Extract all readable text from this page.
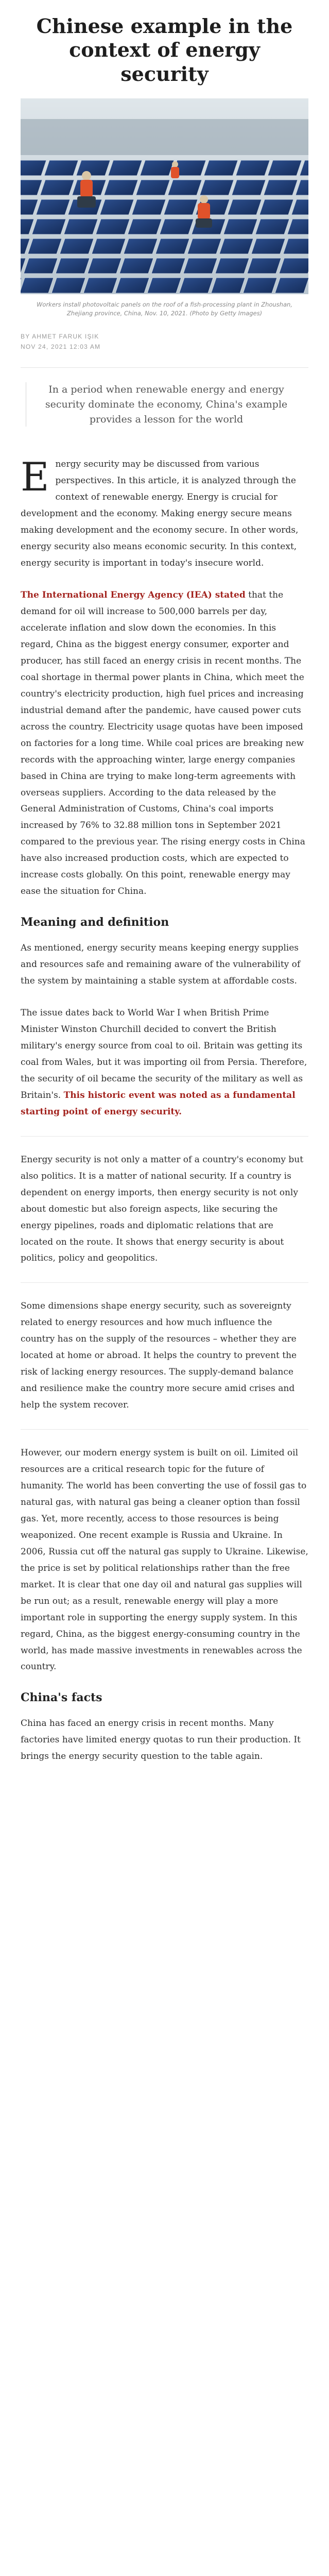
Chinese example in the context of energy security
Workers install photovoltaic panels on the roof of a fish-processing plant in Zhoushan, Zhejiang province, China, Nov. 10, 2021. (Photo by Getty Images)
BY AHMET FARUK IŞIK
NOV 24, 2021 12:03 AM
In a period when renewable energy and energy security dominate the economy, China's example provides a lesson for the world

Energy security may be discussed from various perspectives. In this article, it is analyzed through the context of renewable energy. Energy is crucial for development and the economy. Making energy secure means making development and the economy secure. In other words, energy security also means economic security. In this context, energy security is important in today's insecure world.

The International Energy Agency (IEA) stated that the demand for oil will increase to 500,000 barrels per day, accelerate inflation and slow down the economies. In this regard, China as the biggest energy consumer, exporter and producer, has still faced an energy crisis in recent months. The coal shortage in thermal power plants in China, which meet the country's electricity production, high fuel prices and increasing industrial demand after the pandemic, have caused power cuts across the country. Electricity usage quotas have been imposed on factories for a long time. While coal prices are breaking new records with the approaching winter, large energy companies based in China are trying to make long-term agreements with overseas suppliers. According to the data released by the General Administration of Customs, China's coal imports increased by 76% to 32.88 million tons in September 2021 compared to the previous year. The rising energy costs in China have also increased production costs, which are expected to increase costs globally. On this point, renewable energy may ease the situation for China.

Meaning and definition

As mentioned, energy security means keeping energy supplies and resources safe and remaining aware of the vulnerability of the system by maintaining a stable system at affordable costs.

The issue dates back to World War I when British Prime Minister Winston Churchill decided to convert the British military's energy source from coal to oil. Britain was getting its coal from Wales, but it was importing oil from Persia. Therefore, the security of oil became the security of the military as well as Britain's. This historic event was noted as a fundamental starting point of energy security.

Energy security is not only a matter of a country's economy but also politics. It is a matter of national security. If a country is dependent on energy imports, then energy security is not only about domestic but also foreign aspects, like securing the energy pipelines, roads and diplomatic relations that are located on the route. It shows that energy security is about politics, policy and geopolitics.

Some dimensions shape energy security, such as sovereignty related to energy resources and how much influence the country has on the supply of the resources – whether they are located at home or abroad. It helps the country to prevent the risk of lacking energy resources. The supply-demand balance and resilience make the country more secure amid crises and help the system recover.

However, our modern energy system is built on oil. Limited oil resources are a critical research topic for the future of humanity. The world has been converting the use of fossil gas to natural gas, with natural gas being a cleaner option than fossil gas. Yet, more recently, access to those resources is being weaponized. One recent example is Russia and Ukraine. In 2006, Russia cut off the natural gas supply to Ukraine. Likewise, the price is set by political relationships rather than the free market. It is clear that one day oil and natural gas supplies will be run out; as a result, renewable energy will play a more important role in supporting the energy supply system. In this regard, China, as the biggest energy-consuming country in the world, has made massive investments in renewables across the country.

China's facts

China has faced an energy crisis in recent months. Many factories have limited energy quotas to run their production. It brings the energy security question to the table again.
